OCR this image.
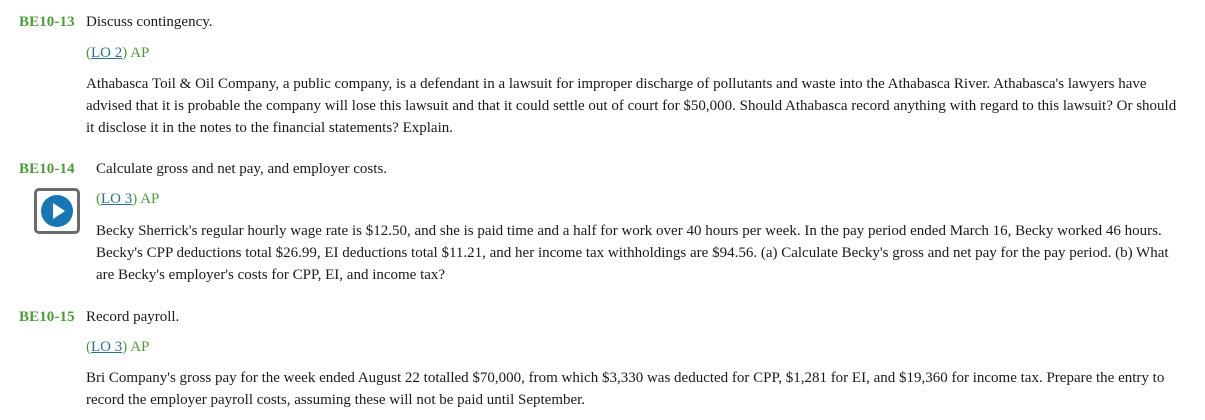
BE10-13 Discuss contingency.
(LO 2) AP
Athabasca Toil & Oil Company, a public company, is a defendant in a lawsuit for improper discharge of pollutants and waste into the Athabasca River. Athabasca's lawyers have advised that it is probable the company will lose this lawsuit and that it could settle out of court for $50,000. Should Athabasca record anything with regard to this lawsuit? Or should it disclose it in the notes to the financial statements? Explain.
BE10-14 Calculate gross and net pay, and employer costs.
(LO 3) AP
Becky Sherrick's regular hourly wage rate is $12.50, and she is paid time and a half for work over 40 hours per week. In the pay period ended March 16, Becky worked 46 hours. Becky's CPP deductions total $26.99, EI deductions total $11.21, and her income tax withholdings are $94.56. (a) Calculate Becky's gross and net pay for the pay period. (b) What are Becky's employer's costs for CPP, EI, and income tax?
BE10-15 Record payroll.
(LO 3) AP
Bri Company's gross pay for the week ended August 22 totalled $70,000, from which $3,330 was deducted for CPP, $1,281 for EI, and $19,360 for income tax. Prepare the entry to record the employer payroll costs, assuming these will not be paid until September.
